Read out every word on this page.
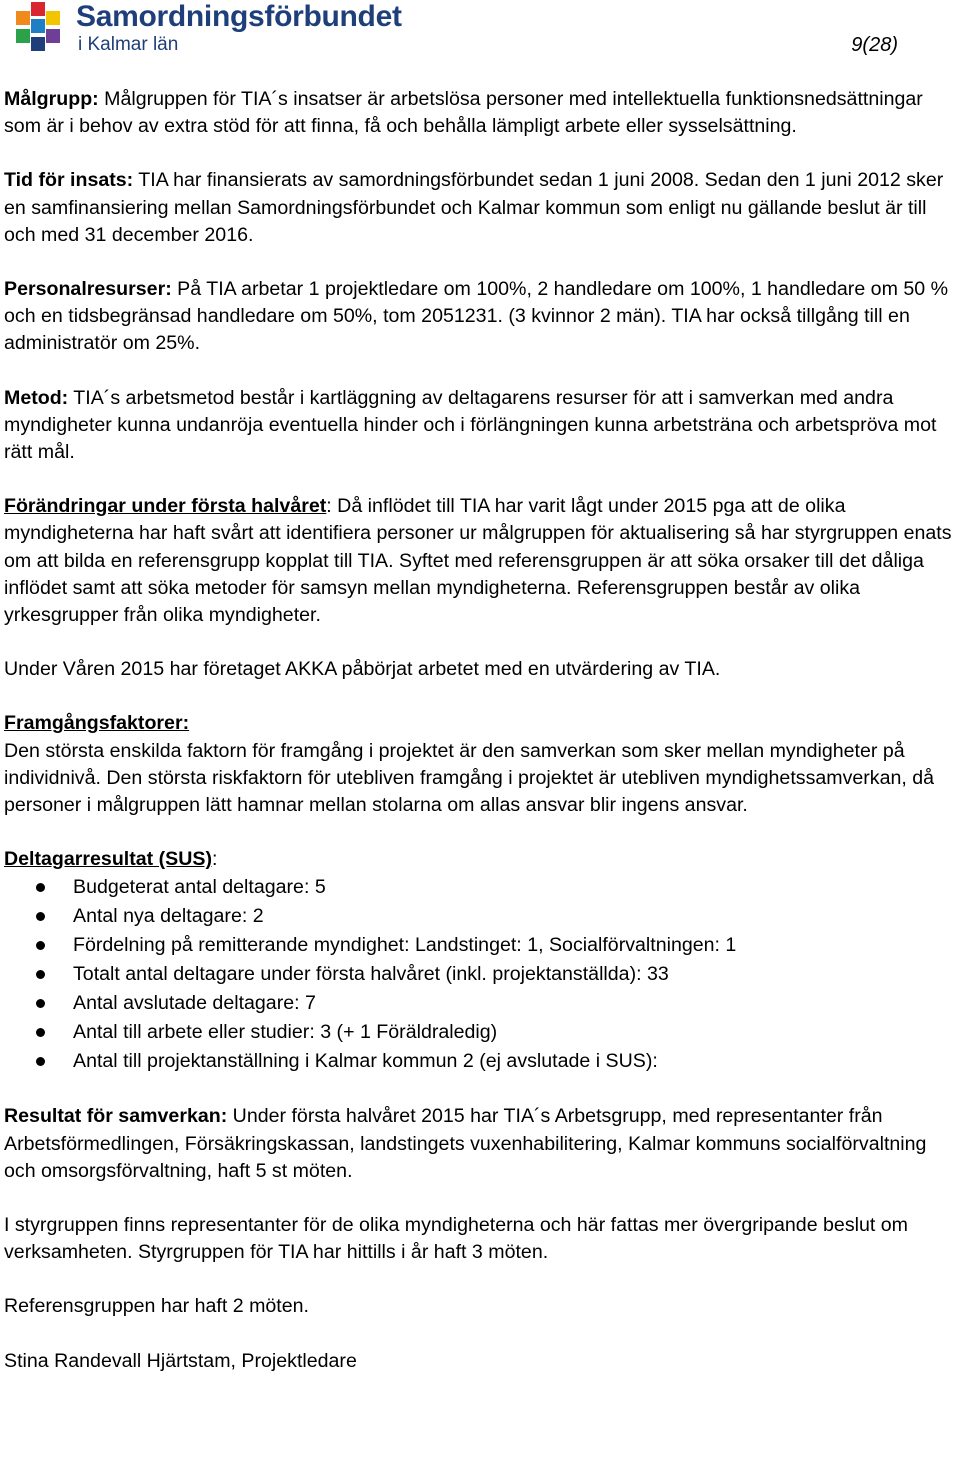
Samordningsförbundet
i Kalmar län	9(28)

Målgrupp: Målgruppen för TIA´s insatser är arbetslösa personer med intellektuella funktionsnedsättningar som är i behov av extra stöd för att finna, få och behålla lämpligt arbete eller sysselsättning.

Tid för insats: TIA har finansierats av samordningsförbundet sedan 1 juni 2008. Sedan den 1 juni 2012 sker en samfinansiering mellan Samordningsförbundet och Kalmar kommun som enligt nu gällande beslut är till och med 31 december 2016.

Personalresurser: På TIA arbetar 1 projektledare om 100%, 2 handledare om 100%, 1 handledare om 50 % och en tidsbegränsad handledare om 50%, tom 2051231. (3 kvinnor 2 män). TIA har också tillgång till en administratör om 25%.

Metod: TIA´s arbetsmetod består i kartläggning av deltagarens resurser för att i samverkan med andra myndigheter kunna undanröja eventuella hinder och i förlängningen kunna arbetsträna och arbetspröva mot rätt mål.

Förändringar under första halvåret: Då inflödet till TIA har varit lågt under 2015 pga att de olika myndigheterna har haft svårt att identifiera personer ur målgruppen för aktualisering så har styrgruppen enats om att bilda en referensgrupp kopplat till TIA. Syftet med referensgruppen är att söka orsaker till det dåliga inflödet samt att söka metoder för samsyn mellan myndigheterna. Referensgruppen består av olika yrkesgrupper från olika myndigheter.

Under Våren 2015 har företaget AKKA påbörjat arbetet med en utvärdering av TIA.

Framgångsfaktorer:

Den största enskilda faktorn för framgång i projektet är den samverkan som sker mellan myndigheter på individnivå. Den största riskfaktorn för utebliven framgång i projektet är utebliven myndighetssamverkan, då personer i målgruppen lätt hamnar mellan stolarna om allas ansvar blir ingens ansvar.

Deltagarresultat (SUS):
Budgeterat antal deltagare: 5
Antal nya deltagare: 2
Fördelning på remitterande myndighet: Landstinget: 1, Socialförvaltningen: 1
Totalt antal deltagare under första halvåret (inkl. projektanställda): 33
Antal avslutade deltagare: 7
Antal till arbete eller studier: 3 (+ 1 Föräldraledig)
Antal till projektanställning i Kalmar kommun 2 (ej avslutade i SUS):

Resultat för samverkan: Under första halvåret 2015 har TIA´s Arbetsgrupp, med representanter från Arbetsförmedlingen, Försäkringskassan, landstingets vuxenhabilitering, Kalmar kommuns socialförvaltning och omsorgsförvaltning, haft 5 st möten.

I styrgruppen finns representanter för de olika myndigheterna och här fattas mer övergripande beslut om verksamheten. Styrgruppen för TIA har hittills i år haft 3 möten.

Referensgruppen har haft 2 möten.

Stina Randevall Hjärtstam, Projektledare
